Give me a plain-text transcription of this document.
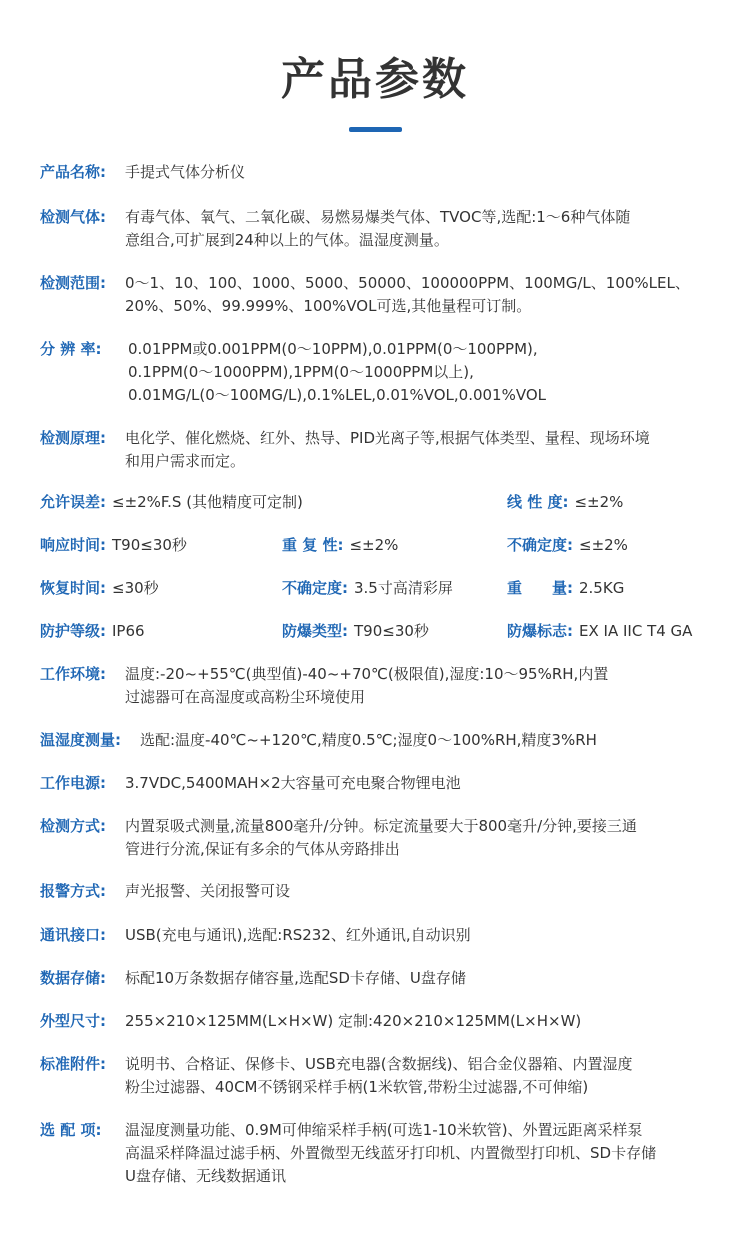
产品参数
产品名称:	手提式气体分析仪
检测气体:	有毒气体、氧气、二氧化碳、易燃易爆类气体、TVOC等,选配:1～6种气体随
意组合,可扩展到24种以上的气体。温湿度测量。
检测范围:	0～1、10、100、1000、5000、50000、100000PPM、100MG/L、100%LEL、
20%、50%、99.999%、100%VOL可选,其他量程可订制。
分 辨 率:	0.01PPM或0.001PPM(0～10PPM),0.01PPM(0～100PPM),
0.1PPM(0～1000PPM),1PPM(0～1000PPM以上),
0.01MG/L(0～100MG/L),0.1%LEL,0.01%VOL,0.001%VOL
检测原理:	电化学、催化燃烧、红外、热导、PID光离子等,根据气体类型、量程、现场环境
和用户需求而定。
允许误差: ≤±2%F.S (其他精度可定制)	线 性 度: ≤±2%
响应时间: T90≤30秒	重 复 性: ≤±2%	不确定度: ≤±2%
恢复时间: ≤30秒	不确定度: 3.5寸高清彩屏	重　　量: 2.5KG
防护等级: IP66	防爆类型: T90≤30秒	防爆标志: EX IA IIC T4 GA
工作环境:	温度:-20~+55℃(典型值)-40~+70℃(极限值),湿度:10～95%RH,内置
过滤器可在高湿度或高粉尘环境使用
温湿度测量:	选配:温度-40℃~+120℃,精度0.5℃;湿度0～100%RH,精度3%RH
工作电源:	3.7VDC,5400MAH×2大容量可充电聚合物锂电池
检测方式:	内置泵吸式测量,流量800毫升/分钟。标定流量要大于800毫升/分钟,要接三通
管进行分流,保证有多余的气体从旁路排出
报警方式:	声光报警、关闭报警可设
通讯接口:	USB(充电与通讯),选配:RS232、红外通讯,自动识别
数据存储:	标配10万条数据存储容量,选配SD卡存储、U盘存储
外型尺寸:	255×210×125MM(L×H×W) 定制:420×210×125MM(L×H×W)
标准附件:	说明书、合格证、保修卡、USB充电器(含数据线)、铝合金仪器箱、内置湿度
粉尘过滤器、40CM不锈钢采样手柄(1米软管,带粉尘过滤器,不可伸缩)
选 配 项:	温湿度测量功能、0.9M可伸缩采样手柄(可选1-10米软管)、外置远距离采样泵
高温采样降温过滤手柄、外置微型无线蓝牙打印机、内置微型打印机、SD卡存储
U盘存储、无线数据通讯
